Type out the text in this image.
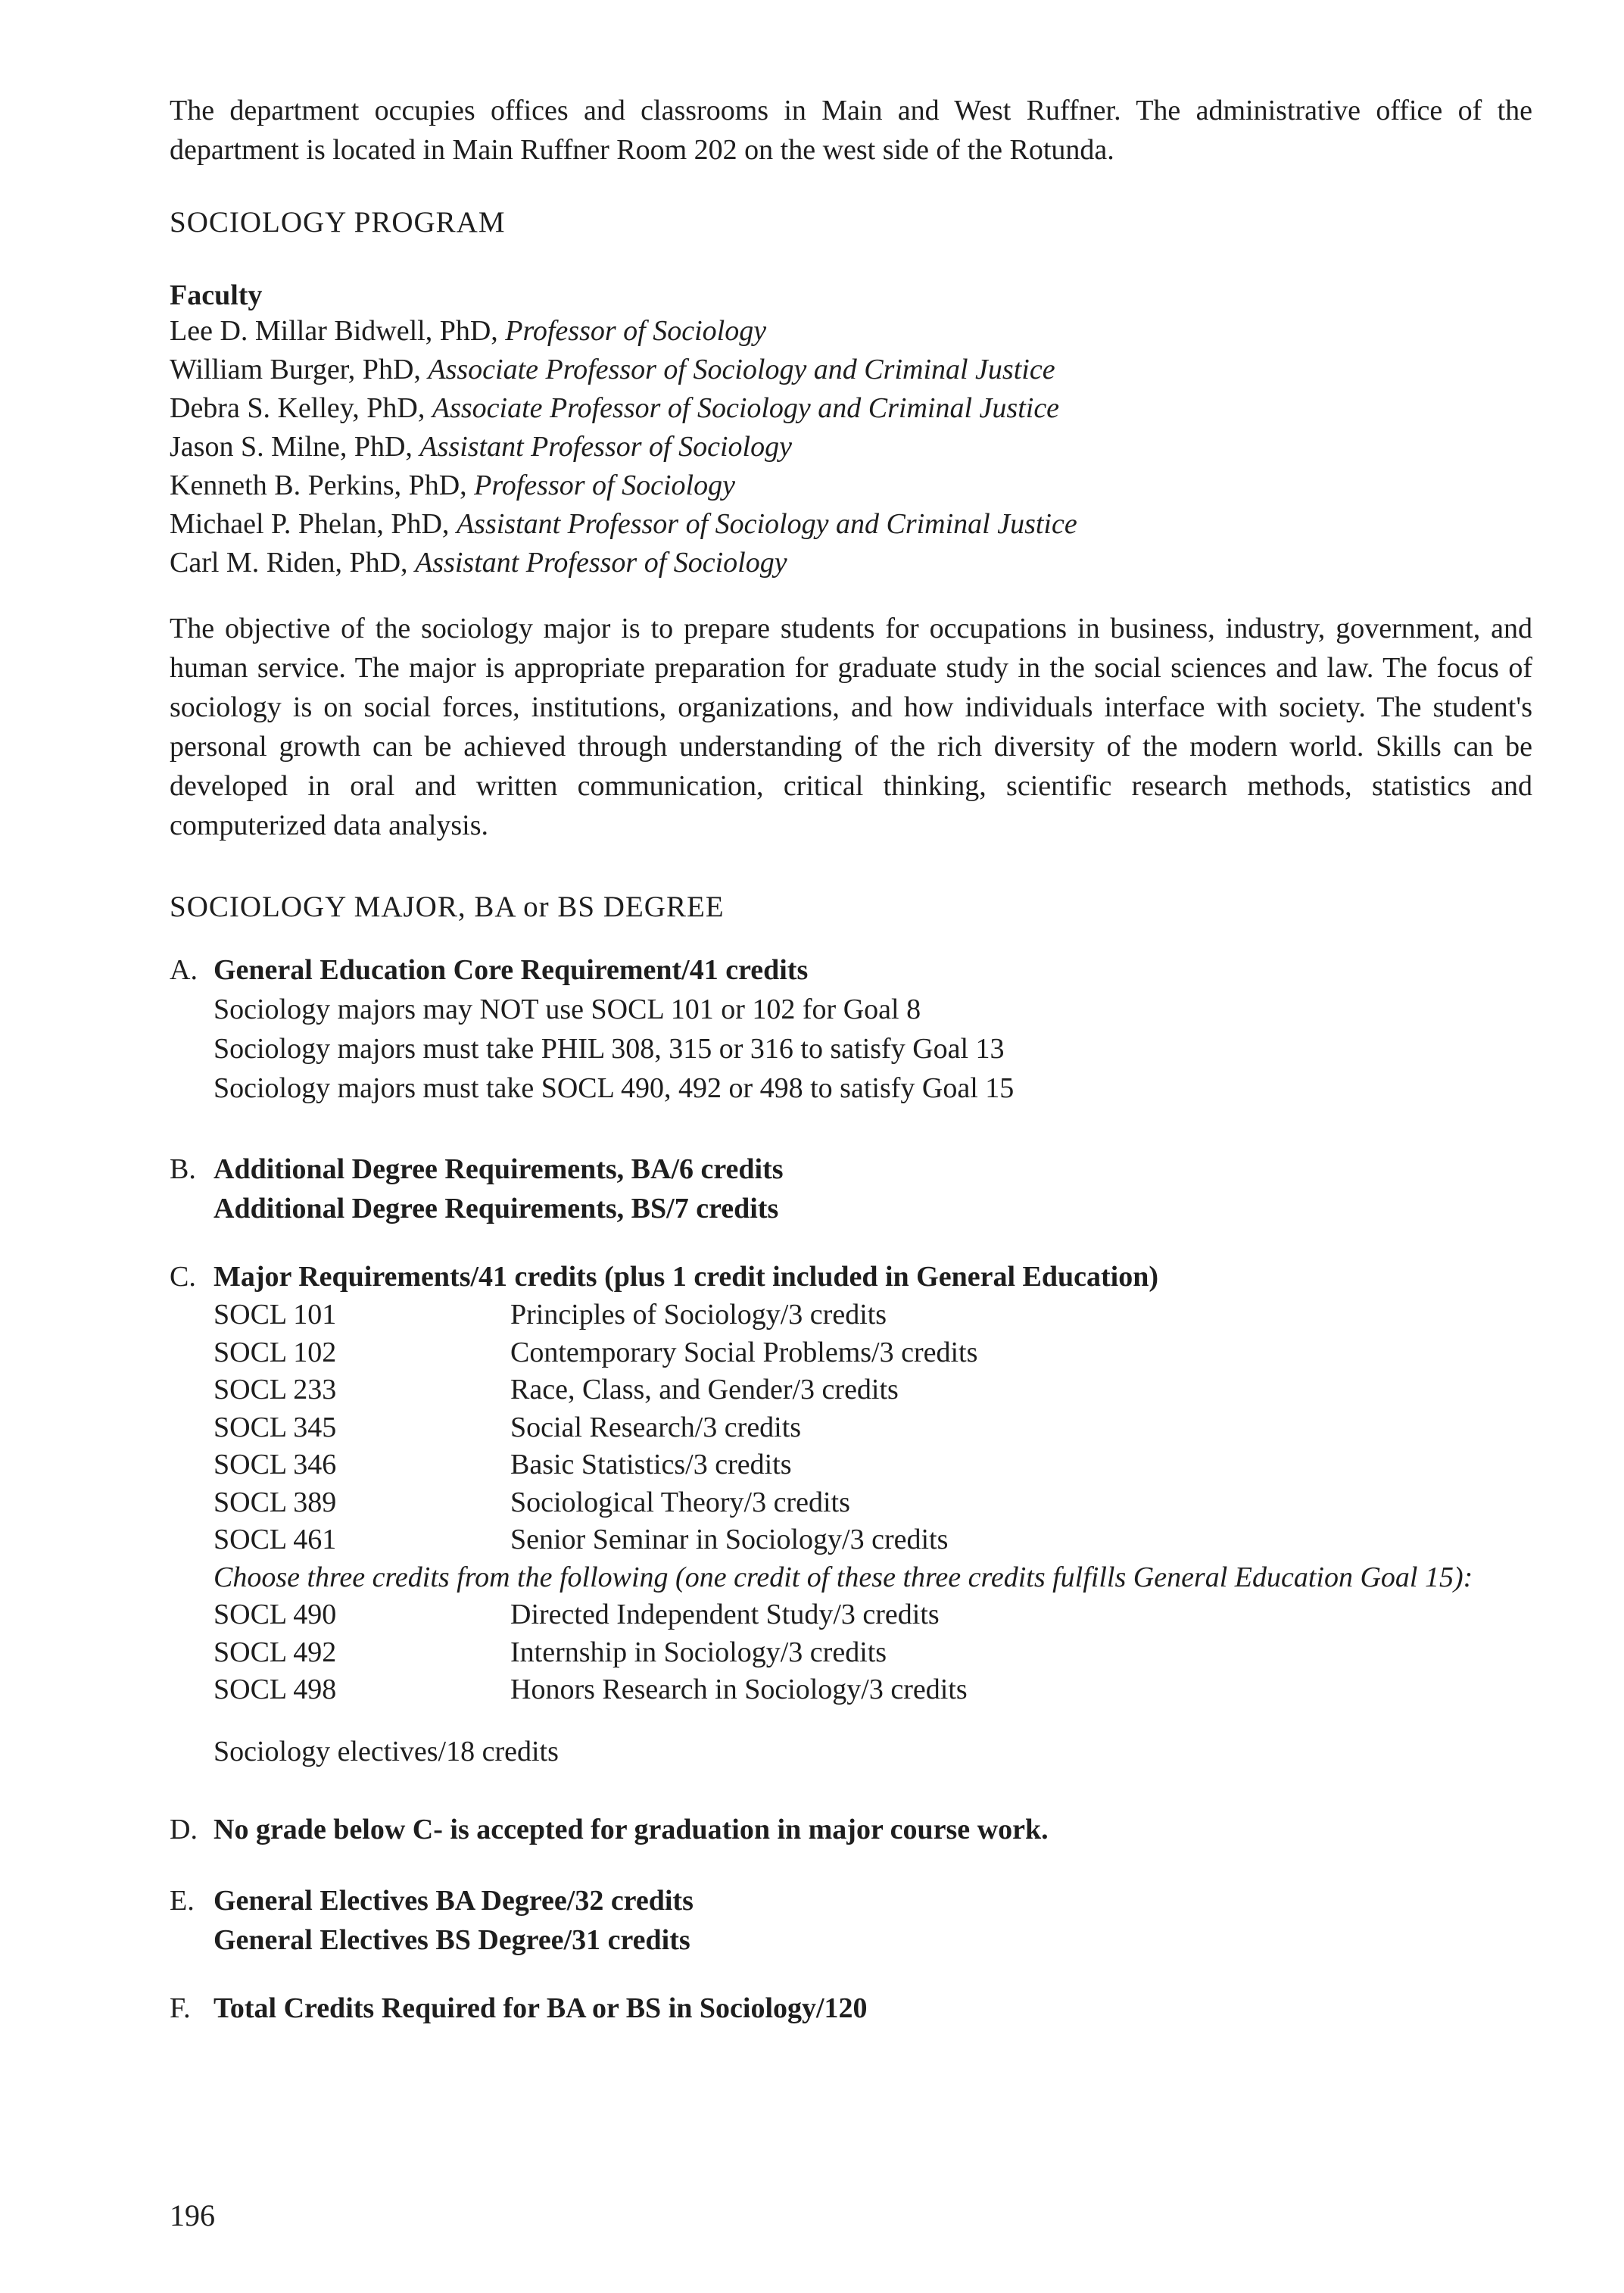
The department occupies offices and classrooms in Main and West Ruffner. The administrative office of the department is located in Main Ruffner Room 202 on the west side of the Rotunda.

SOCIOLOGY PROGRAM

Faculty

Lee D. Millar Bidwell, PhD, Professor of Sociology
William Burger, PhD, Associate Professor of Sociology and Criminal Justice
Debra S. Kelley, PhD, Associate Professor of Sociology and Criminal Justice
Jason S. Milne, PhD, Assistant Professor of Sociology
Kenneth B. Perkins, PhD, Professor of Sociology
Michael P. Phelan, PhD, Assistant Professor of Sociology and Criminal Justice
Carl M. Riden, PhD, Assistant Professor of Sociology

The objective of the sociology major is to prepare students for occupations in business, industry, government, and human service. The major is appropriate preparation for graduate study in the social sciences and law. The focus of sociology is on social forces, institutions, organizations, and how individuals interface with society. The student's personal growth can be achieved through understanding of the rich diversity of the modern world. Skills can be developed in oral and written communication, critical thinking, scientific research methods, statistics and computerized data analysis.

SOCIOLOGY MAJOR, BA or BS DEGREE

A. General Education Core Requirement/41 credits
Sociology majors may NOT use SOCL 101 or 102 for Goal 8
Sociology majors must take PHIL 308, 315 or 316 to satisfy Goal 13
Sociology majors must take SOCL 490, 492 or 498 to satisfy Goal 15
B. Additional Degree Requirements, BA/6 credits
Additional Degree Requirements, BS/7 credits
C. Major Requirements/41 credits (plus 1 credit included in General Education)
SOCL 101	Principles of Sociology/3 credits
SOCL 102	Contemporary Social Problems/3 credits
SOCL 233	Race, Class, and Gender/3 credits
SOCL 345	Social Research/3 credits
SOCL 346	Basic Statistics/3 credits
SOCL 389	Sociological Theory/3 credits
SOCL 461	Senior Seminar in Sociology/3 credits
Choose three credits from the following (one credit of these three credits fulfills General Education Goal 15):
SOCL 490	Directed Independent Study/3 credits
SOCL 492	Internship in Sociology/3 credits
SOCL 498	Honors Research in Sociology/3 credits
Sociology electives/18 credits
D. No grade below C- is accepted for graduation in major course work.
E. General Electives BA Degree/32 credits
General Electives BS Degree/31 credits
F. Total Credits Required for BA or BS in Sociology/120
196
